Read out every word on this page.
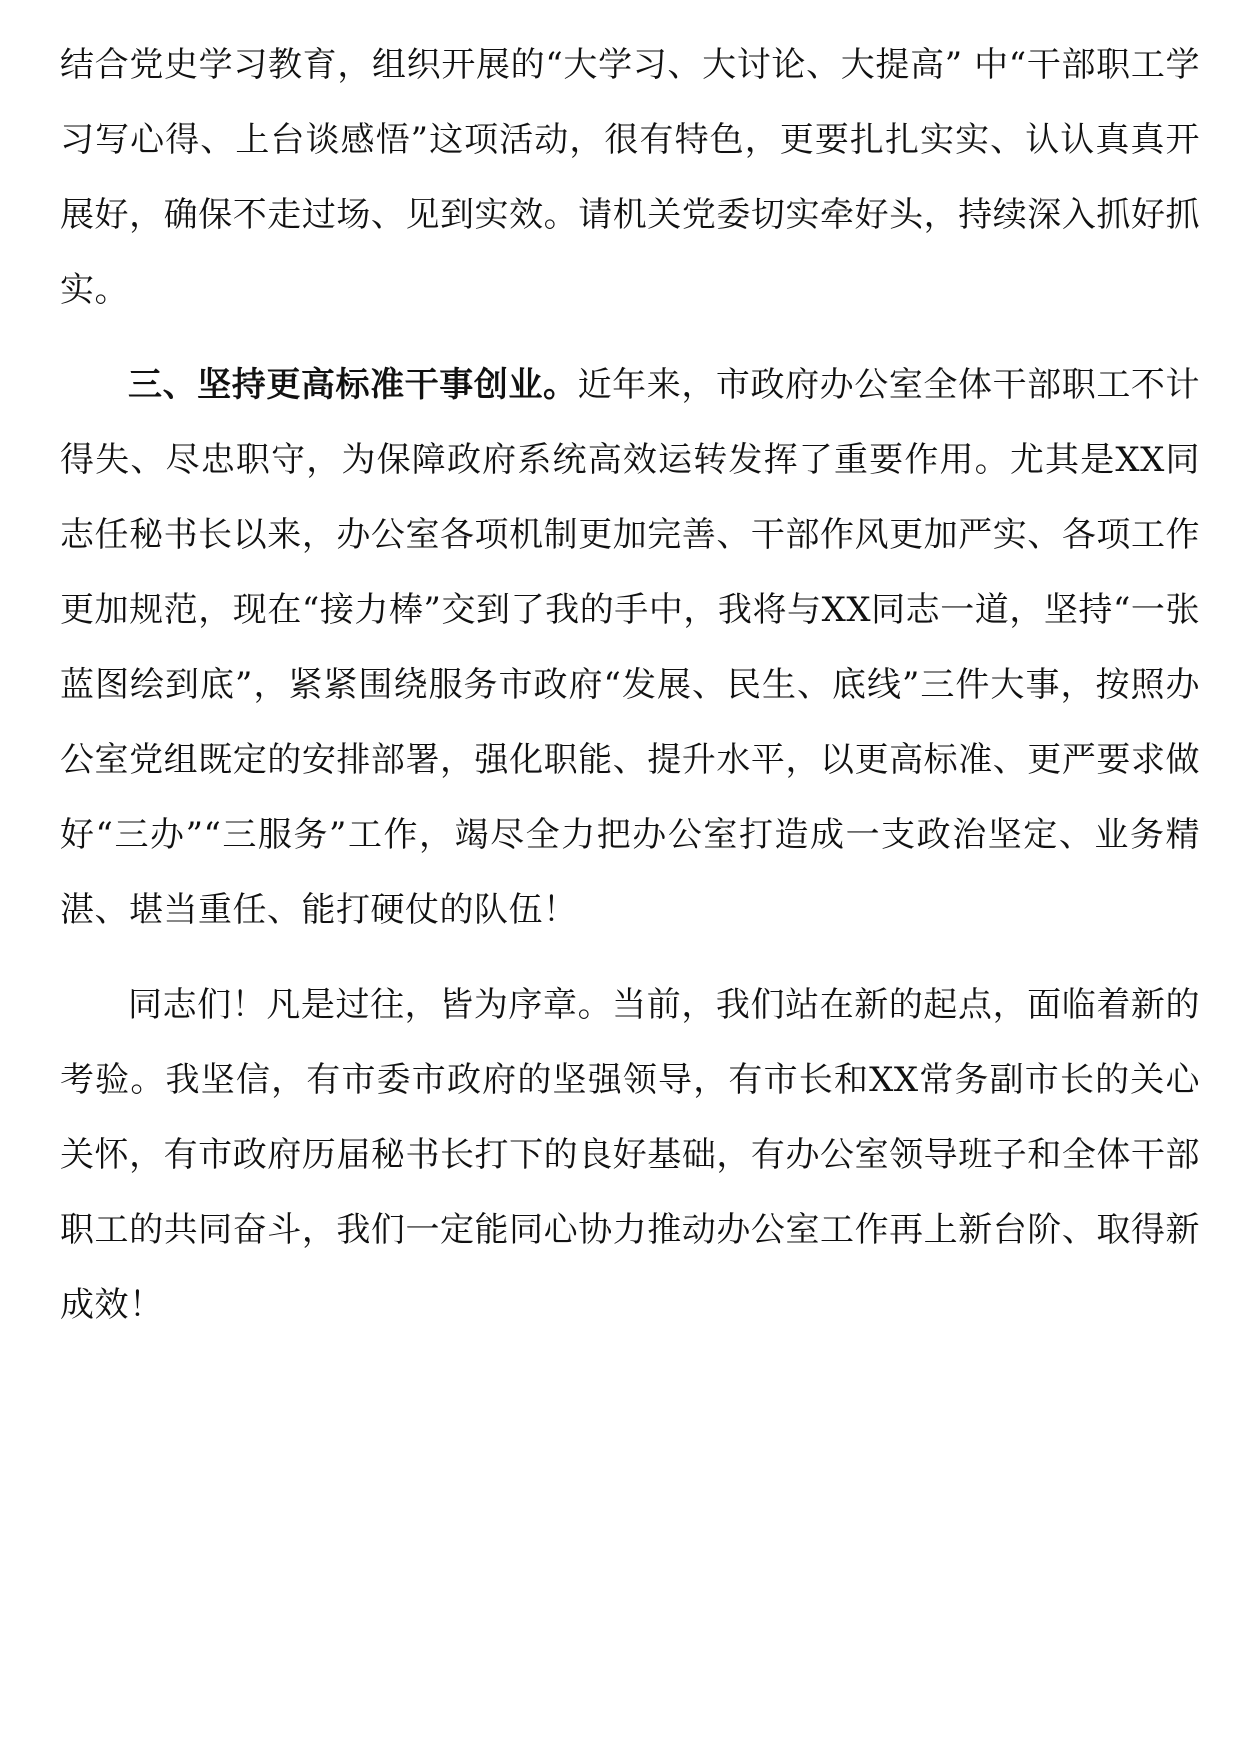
结合党史学习教育，组织开展的“大学习、大讨论、大提高” 中“干部职工学习写心得、上台谈感悟”这项活动，很有特色，更要扎扎实实、认认真真开展好，确保不走过场、见到实效。请机关党委切实牵好头，持续深入抓好抓实。

三、坚持更高标准干事创业。近年来，市政府办公室全体干部职工不计得失、尽忠职守，为保障政府系统高效运转发挥了重要作用。尤其是XX同志任秘书长以来，办公室各项机制更加完善、干部作风更加严实、各项工作更加规范，现在“接力棒”交到了我的手中，我将与XX同志一道，坚持“一张蓝图绘到底”，紧紧围绕服务市政府“发展、民生、底线”三件大事，按照办公室党组既定的安排部署，强化职能、提升水平，以更高标准、更严要求做好“三办”“三服务”工作，竭尽全力把办公室打造成一支政治坚定、业务精湛、堪当重任、能打硬仗的队伍！

同志们！凡是过往，皆为序章。当前，我们站在新的起点，面临着新的考验。我坚信，有市委市政府的坚强领导，有市长和XX常务副市长的关心关怀，有市政府历届秘书长打下的良好基础，有办公室领导班子和全体干部职工的共同奋斗，我们一定能同心协力推动办公室工作再上新台阶、取得新成效！
